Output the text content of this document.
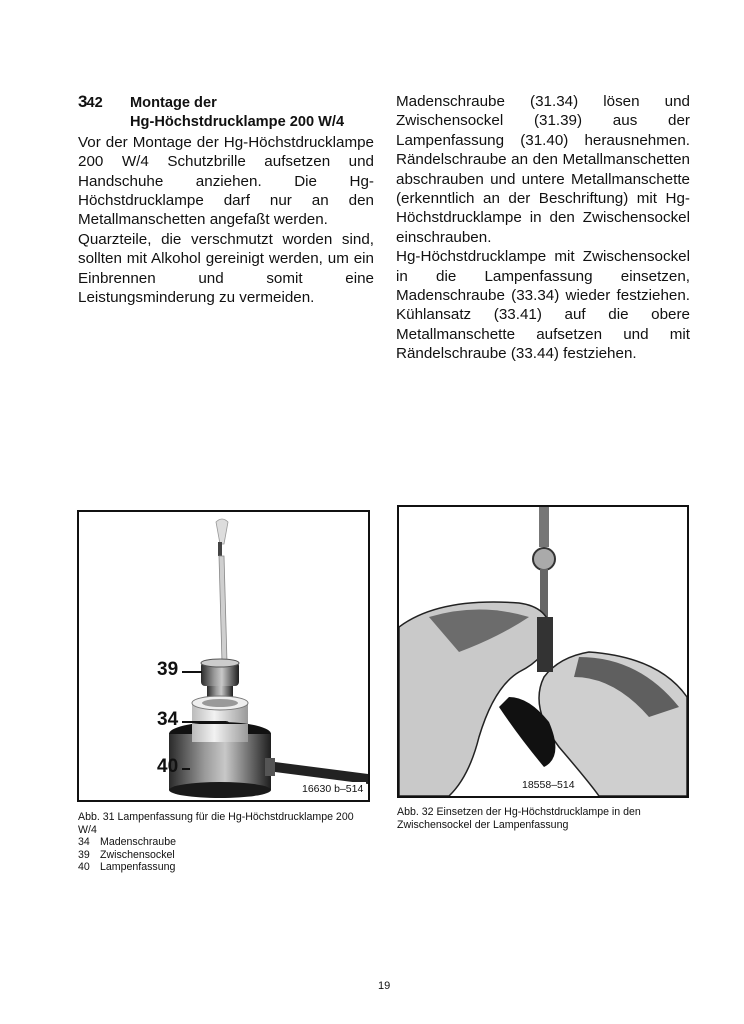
342 Montage der
Hg-Höchstdrucklampe 200 W/4

Vor der Montage der Hg-Höchstdrucklampe 200 W/4 Schutzbrille aufsetzen und Handschuhe anziehen. Die Hg-Höchstdrucklampe darf nur an den Metallmanschetten angefaßt werden.

Quarzteile, die verschmutzt worden sind, sollten mit Alkohol gereinigt werden, um ein Einbrennen und somit eine Leistungsminderung zu vermeiden.

Madenschraube (31.34) lösen und Zwischensockel (31.39) aus der Lampenfassung (31.40) herausnehmen. Rändelschraube an den Metallmanschetten abschrauben und untere Metallmanschette (erkenntlich an der Beschriftung) mit Hg-Höchstdrucklampe in den Zwischensockel einschrauben.

Hg-Höchstdrucklampe mit Zwischensockel in die Lampenfassung einsetzen, Madenschraube (33.34) wieder festziehen. Kühlansatz (33.41) auf die obere Metallmanschette aufsetzen und mit Rändelschraube (33.44) festziehen.

39
34
40
16630 b–514
Abb. 31 Lampenfassung für die Hg-Höchstdrucklampe 200 W/4
34 Madenschraube
39 Zwischensockel
40 Lampenfassung
18558–514
Abb. 32 Einsetzen der Hg-Höchstdrucklampe in den Zwischensockel der Lampenfassung
19
